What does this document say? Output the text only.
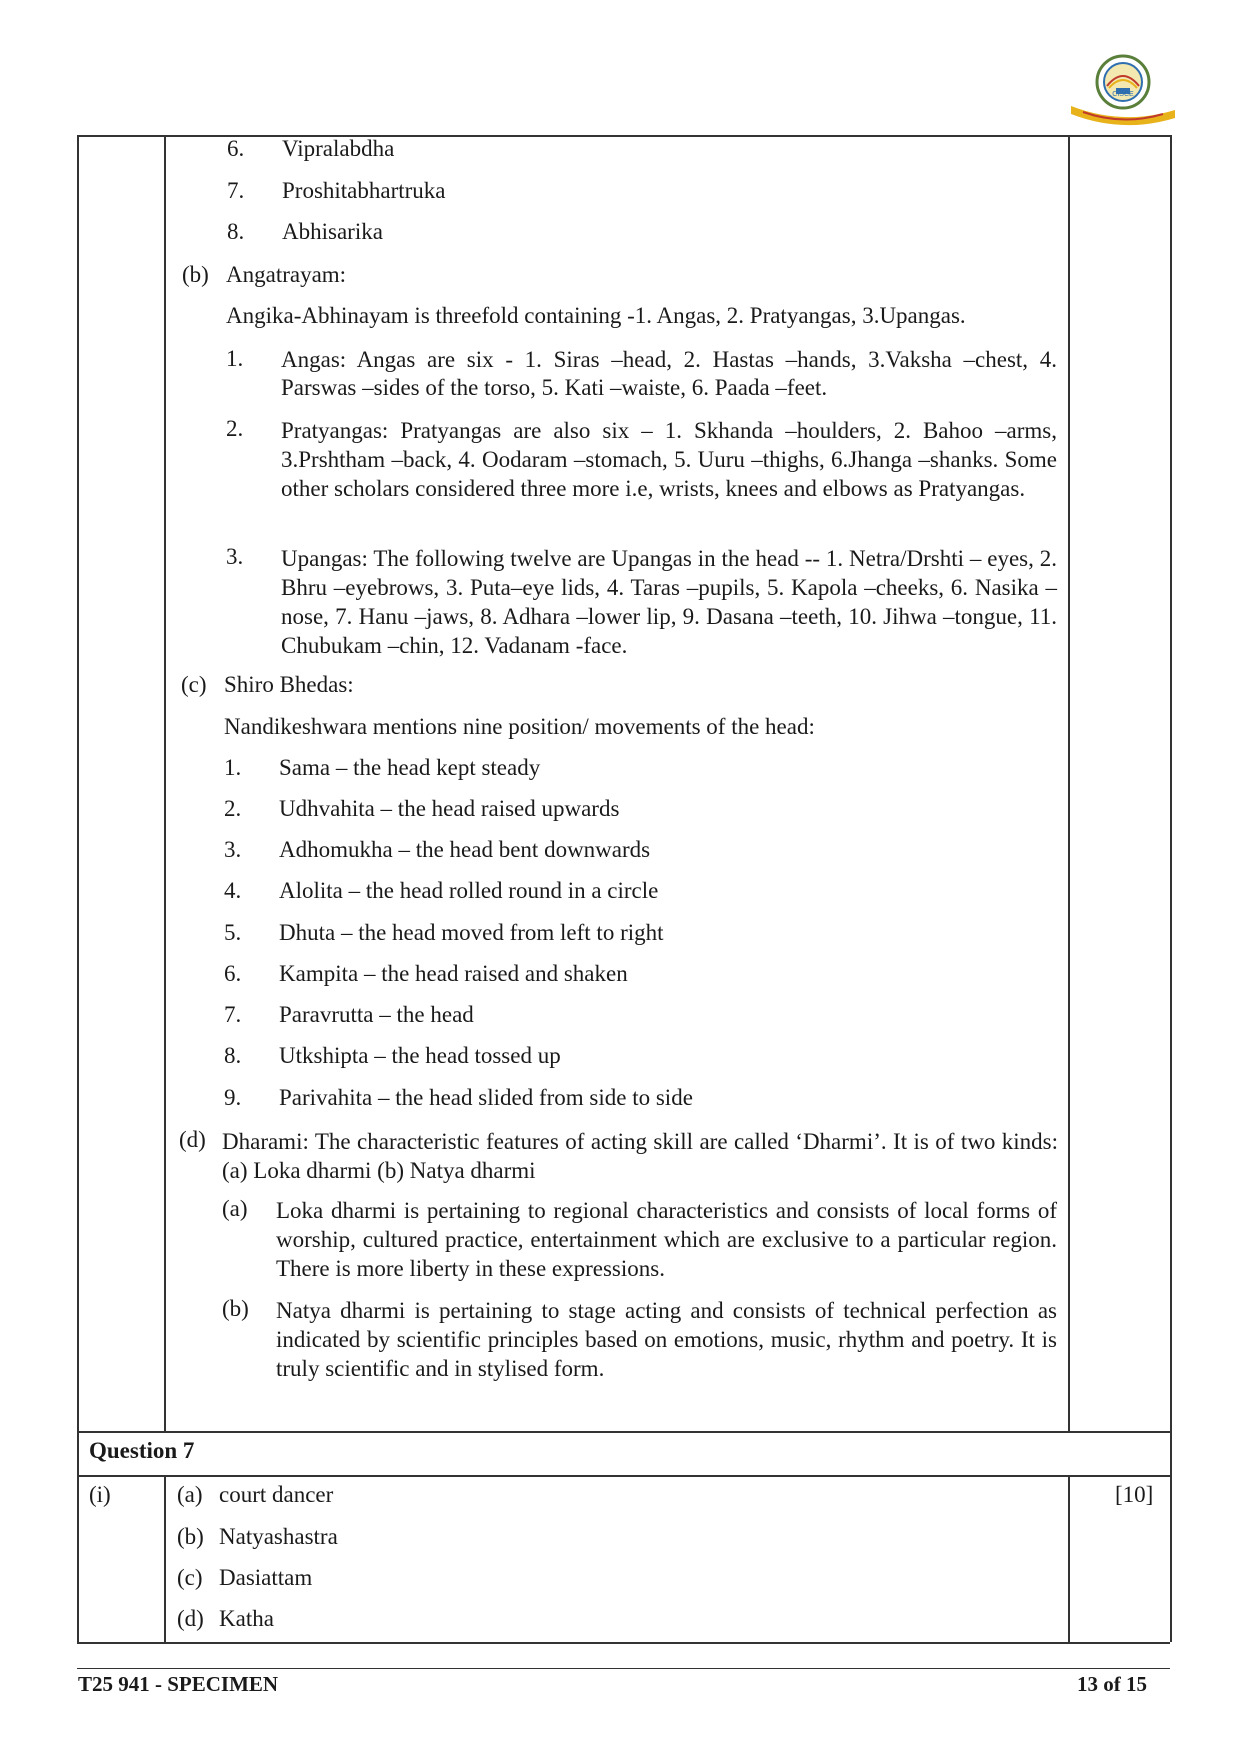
CISCE
6. Vipralabdha
7. Proshitabhartruka
8. Abhisarika
(b) Angatrayam:
Angika-Abhinayam is threefold containing -1. Angas, 2. Pratyangas, 3.Upangas.
1. Angas: Angas are six - 1. Siras –head, 2. Hastas –hands, 3.Vaksha –chest, 4. Parswas –sides of the torso, 5. Kati –waiste, 6. Paada –feet.
2. Pratyangas: Pratyangas are also six – 1. Skhanda –houlders, 2. Bahoo –arms, 3.Prshtham –back, 4. Oodaram –stomach, 5. Uuru –thighs, 6.Jhanga –shanks. Some other scholars considered three more i.e, wrists, knees and elbows as Pratyangas.
3. Upangas: The following twelve are Upangas in the head -- 1. Netra/Drshti – eyes, 2. Bhru –eyebrows, 3. Puta–eye lids, 4. Taras –pupils, 5. Kapola –cheeks, 6. Nasika –nose, 7. Hanu –jaws, 8. Adhara –lower lip, 9. Dasana –teeth, 10. Jihwa –tongue, 11. Chubukam –chin, 12. Vadanam -face.
(c) Shiro Bhedas:
Nandikeshwara mentions nine position/ movements of the head:
1. Sama – the head kept steady
2. Udhvahita – the head raised upwards
3. Adhomukha – the head bent downwards
4. Alolita – the head rolled round in a circle
5. Dhuta – the head moved from left to right
6. Kampita – the head raised and shaken
7. Paravrutta – the head
8. Utkshipta – the head tossed up
9. Parivahita – the head slided from side to side
(d) Dharami: The characteristic features of acting skill are called ‘Dharmi’. It is of two kinds: (a) Loka dharmi (b) Natya dharmi
(a) Loka dharmi is pertaining to regional characteristics and consists of local forms of worship, cultured practice, entertainment which are exclusive to a particular region. There is more liberty in these expressions.
(b) Natya dharmi is pertaining to stage acting and consists of technical perfection as indicated by scientific principles based on emotions, music, rhythm and poetry. It is truly scientific and in stylised form.
Question 7
(i)	[10]
(a) court dancer
(b) Natyashastra
(c) Dasiattam
(d) Katha
T25 941 - SPECIMEN	13 of 15
